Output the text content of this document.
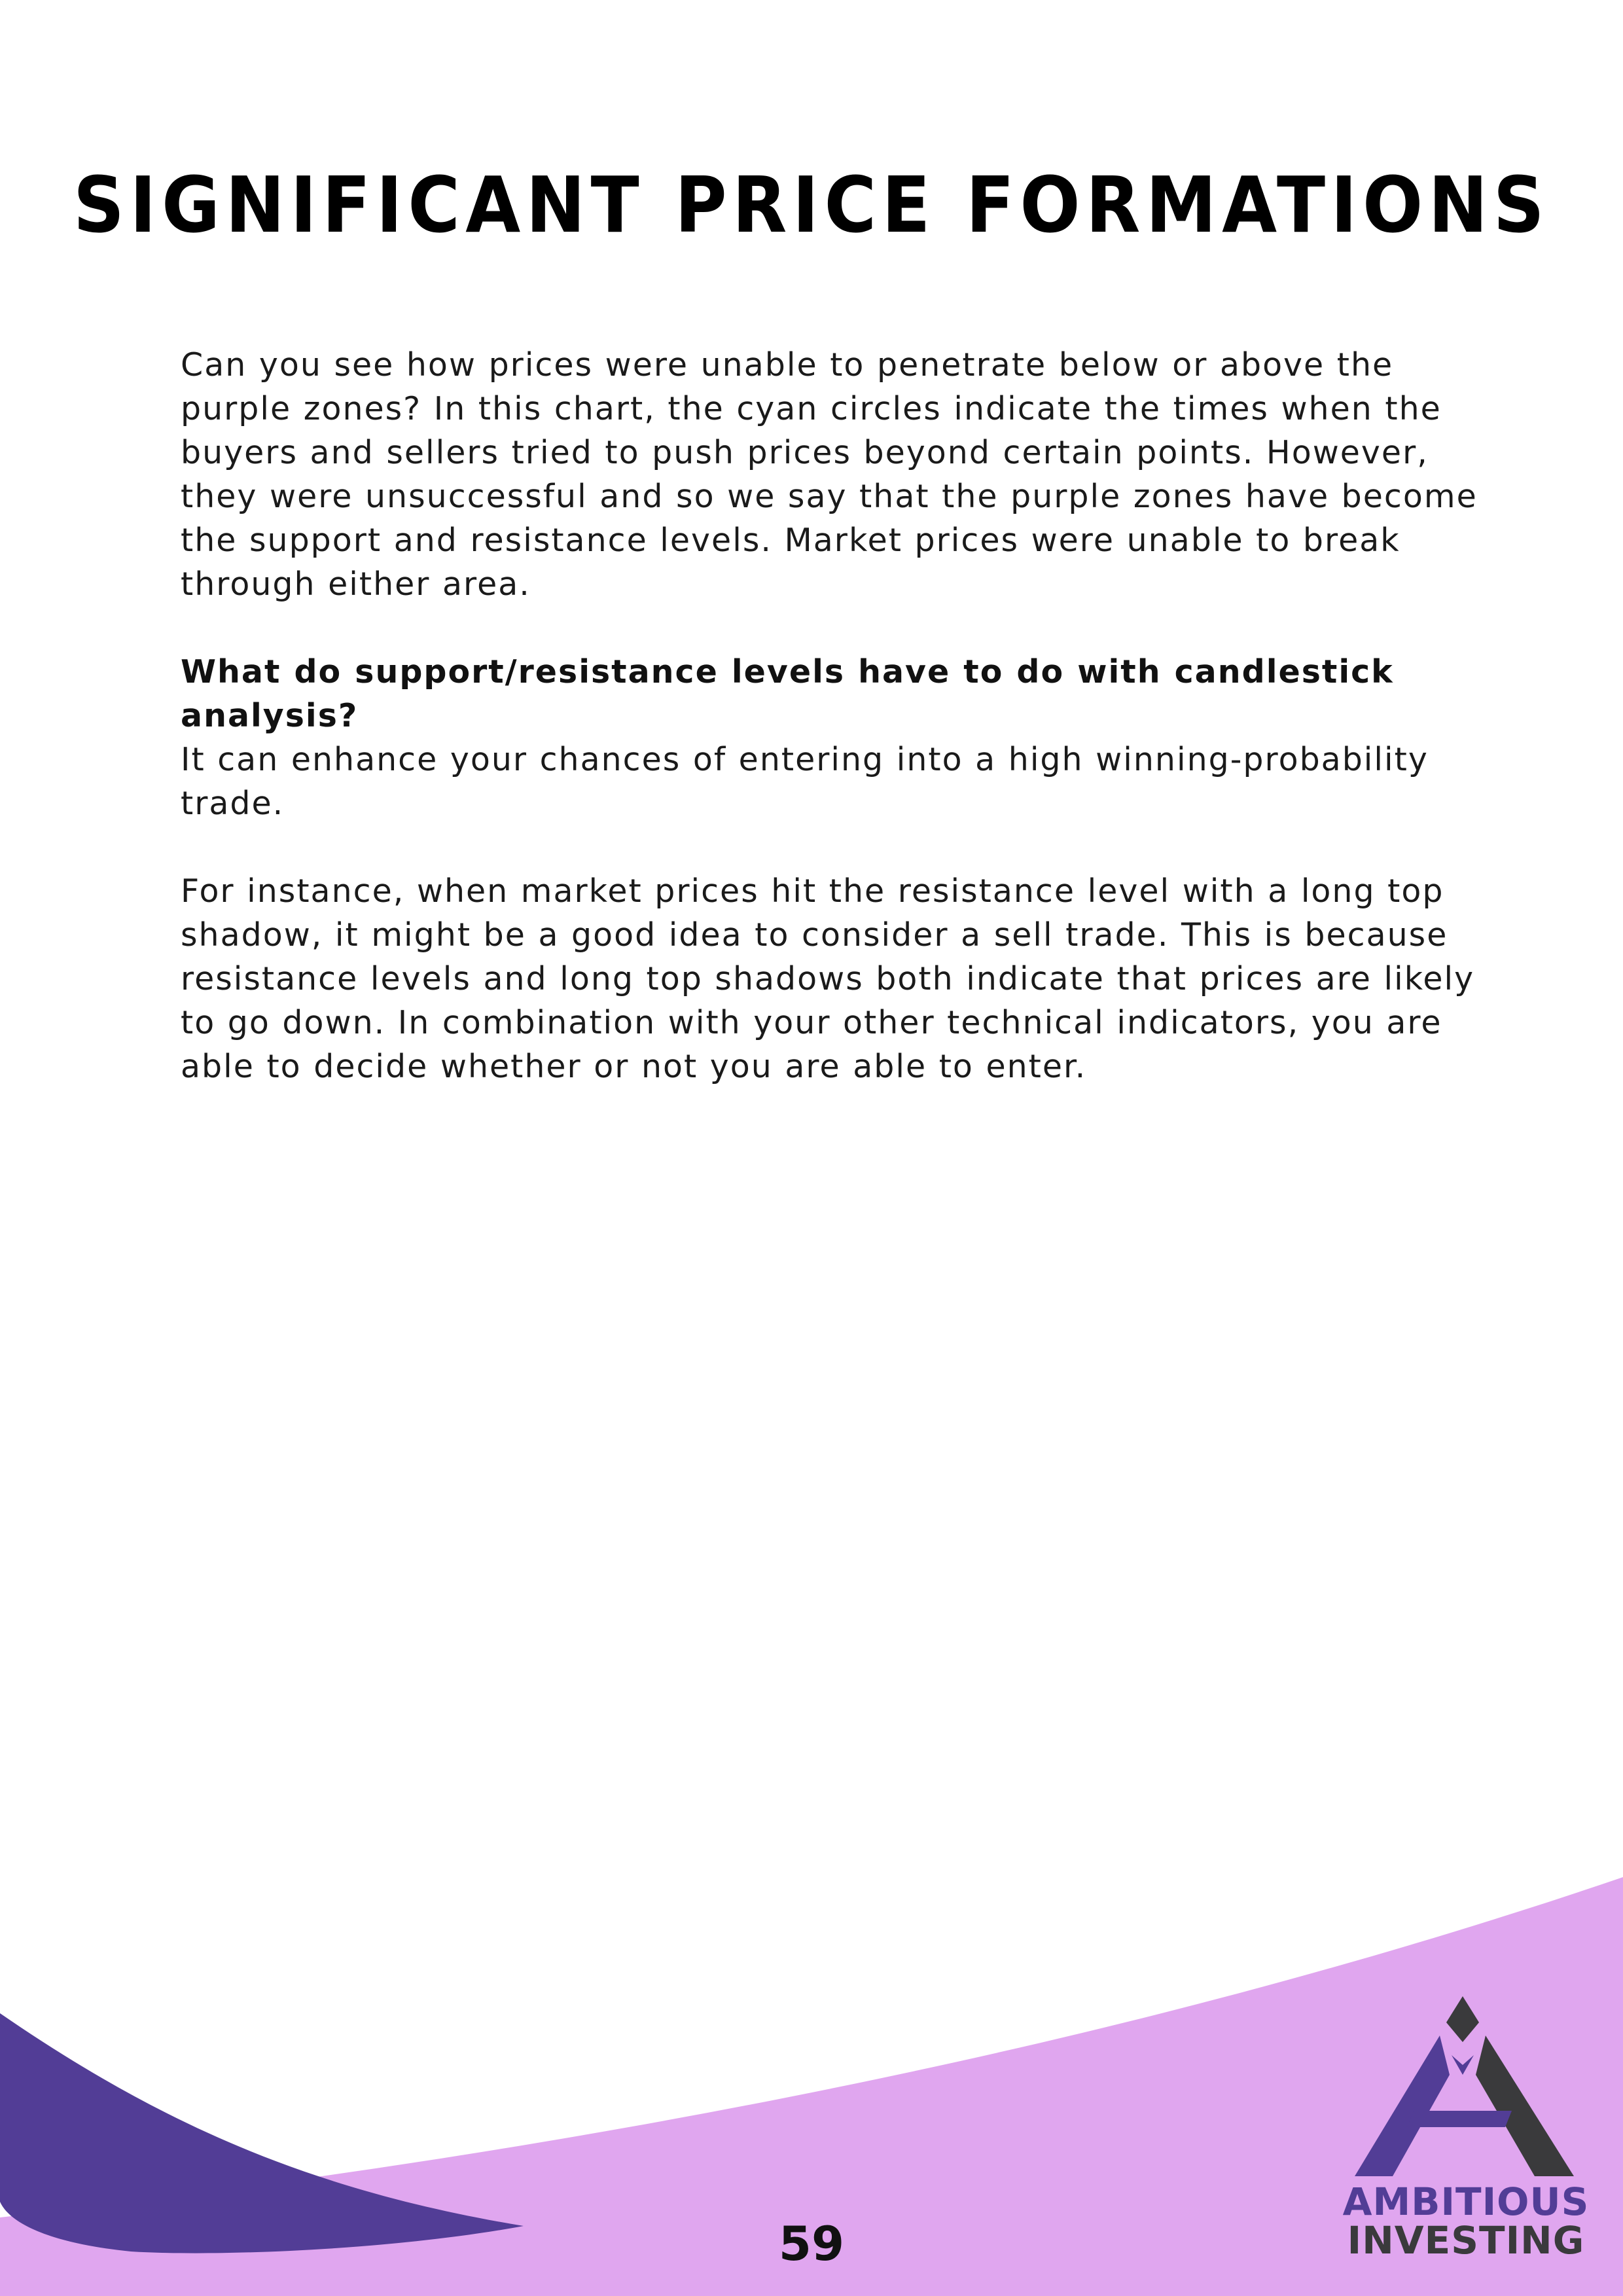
SIGNIFICANT PRICE FORMATIONS

Can you see how prices were unable to penetrate below or above the purple zones? In this chart, the cyan circles indicate the times when the buyers and sellers tried to push prices beyond certain points. However, they were unsuccessful and so we say that the purple zones have become the support and resistance levels. Market prices were unable to break through either area.

What do support/resistance levels have to do with candlestick analysis?
It can enhance your chances of entering into a high winning-probability trade.

For instance, when market prices hit the resistance level with a long top shadow, it might be a good idea to consider a sell trade. This is because resistance levels and long top shadows both indicate that prices are likely to go down. In combination with your other technical indicators, you are able to decide whether or not you are able to enter.

59
AMBITIOUS
INVESTING
